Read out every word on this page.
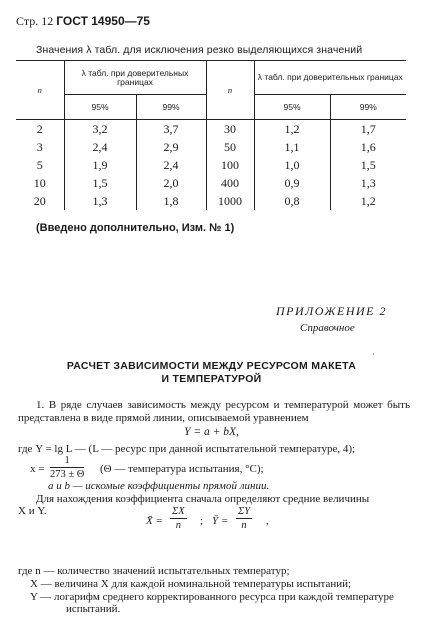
Стр. 12 ГОСТ 14950—75
Значения λ табл. для исключения резко выделяющихся значений
n	λ табл. при доверительных границах		n	λ табл. при доверительных границах	
	95%	99%		95%	99%
2	3,2	3,7	30	1,2	1,7
3	2,4	2,9	50	1,1	1,6
5	1,9	2,4	100	1,0	1,5
10	1,5	2,0	400	0,9	1,3
20	1,3	1,8	1000	0,8	1,2
(Введено дополнительно, Изм. № 1)
ПРИЛОЖЕНИЕ 2
Справочное
·
РАСЧЕТ ЗАВИСИМОСТИ МЕЖДУ РЕСУРСОМ МАКЕТА
И ТЕМПЕРАТУРОЙ
1. В ряде случаев зависимость между ресурсом и температурой может быть представлена в виде прямой линии, описываемой уравнением
Y = a + bX,
где Y = lg L — (L — ресурс при данной испытательной температуре, 4);
$x = \frac{1}{273 \pm \Theta} (\Theta$ — температура испытания, °С);
a и b — искомые коэффициенты прямой линии.
Для нахождения коэффициента сначала определяют средние величины
X и Y.
X̄ = $\frac{\Sigma X}{n}$ ; Ȳ = $\frac{\Sigma Y}{n}$ ,
где n — количество значений испытательных температур;
X — величина X для каждой номинальной температуры испытаний;
Y — логарифм среднего корректированного ресурса при каждой температуре
испытаний.
